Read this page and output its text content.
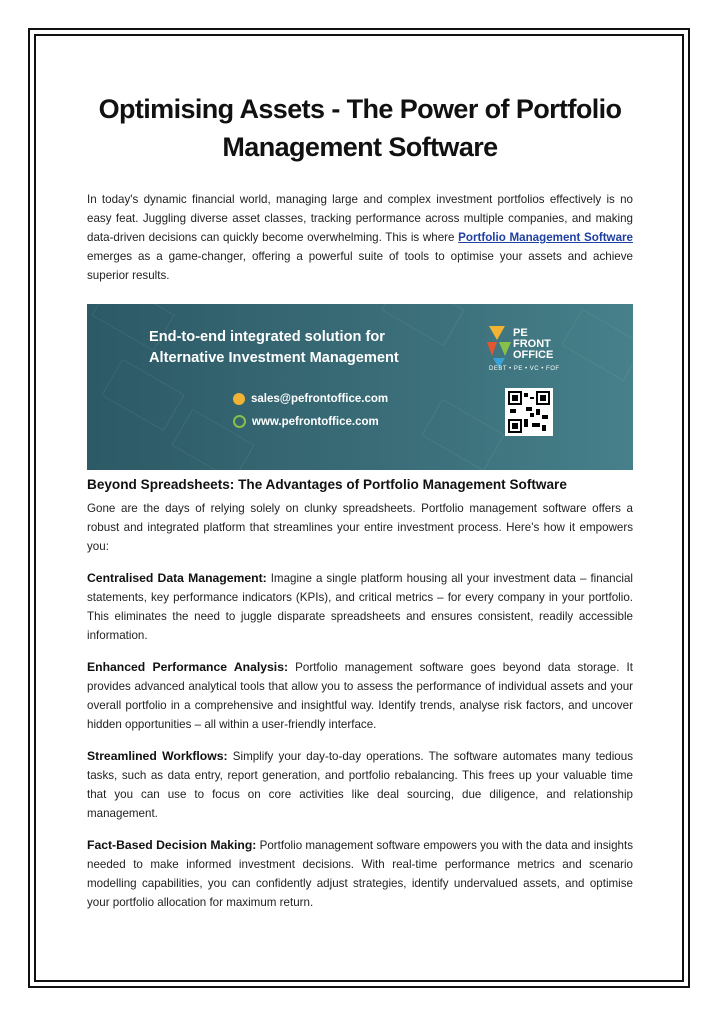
Optimising Assets - The Power of Portfolio
Management Software

In today's dynamic financial world, managing large and complex investment portfolios effectively is no easy feat. Juggling diverse asset classes, tracking performance across multiple companies, and making data-driven decisions can quickly become overwhelming. This is where Portfolio Management Software emerges as a game-changer, offering a powerful suite of tools to optimise your assets and achieve superior results.

End-to-end integrated solution for
Alternative Investment Management
sales@pefrontoffice.com
www.pefrontoffice.com
PE
FRONT
OFFICE
DEBT • PE • VC • FOF
Beyond Spreadsheets: The Advantages of Portfolio Management Software

Gone are the days of relying solely on clunky spreadsheets. Portfolio management software offers a robust and integrated platform that streamlines your entire investment process. Here's how it empowers you:

Centralised Data Management: Imagine a single platform housing all your investment data – financial statements, key performance indicators (KPIs), and critical metrics – for every company in your portfolio. This eliminates the need to juggle disparate spreadsheets and ensures consistent, readily accessible information.

Enhanced Performance Analysis: Portfolio management software goes beyond data storage. It provides advanced analytical tools that allow you to assess the performance of individual assets and your overall portfolio in a comprehensive and insightful way. Identify trends, analyse risk factors, and uncover hidden opportunities – all within a user-friendly interface.

Streamlined Workflows: Simplify your day-to-day operations. The software automates many tedious tasks, such as data entry, report generation, and portfolio rebalancing. This frees up your valuable time that you can use to focus on core activities like deal sourcing, due diligence, and relationship management.

Fact-Based Decision Making: Portfolio management software empowers you with the data and insights needed to make informed investment decisions. With real-time performance metrics and scenario modelling capabilities, you can confidently adjust strategies, identify undervalued assets, and optimise your portfolio allocation for maximum return.
